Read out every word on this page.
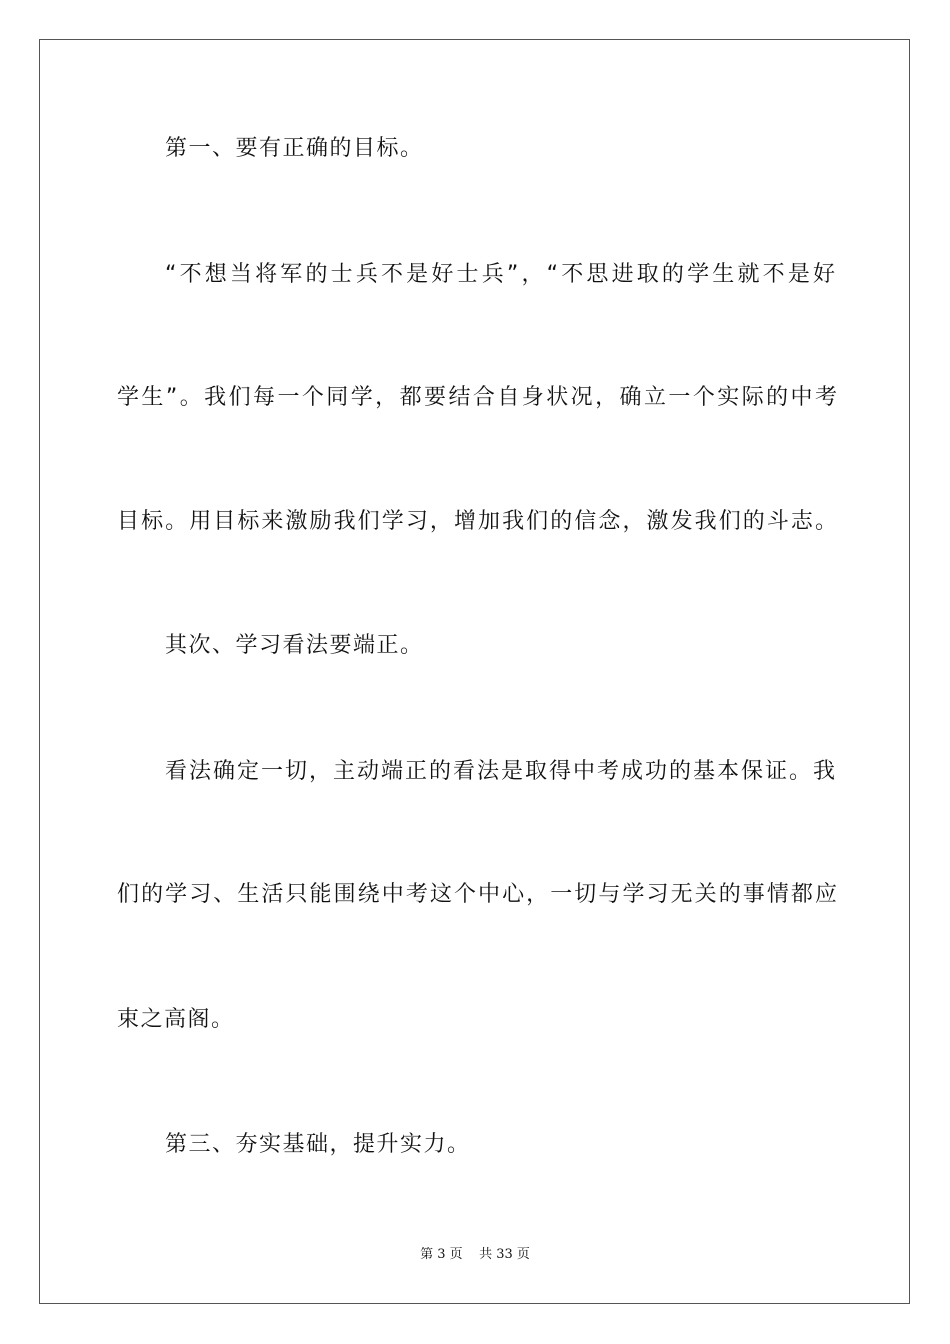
第一、要有正确的目标。
“不想当将军的士兵不是好士兵”，“不思进取的学生就不是好
学生”。我们每一个同学，都要结合自身状况，确立一个实际的中考
目标。用目标来激励我们学习，增加我们的信念，激发我们的斗志。
其次、学习看法要端正。
看法确定一切，主动端正的看法是取得中考成功的基本保证。我
们的学习、生活只能围绕中考这个中心，一切与学习无关的事情都应
束之高阁。
第三、夯实基础，提升实力。
第 3 页    共 33 页
